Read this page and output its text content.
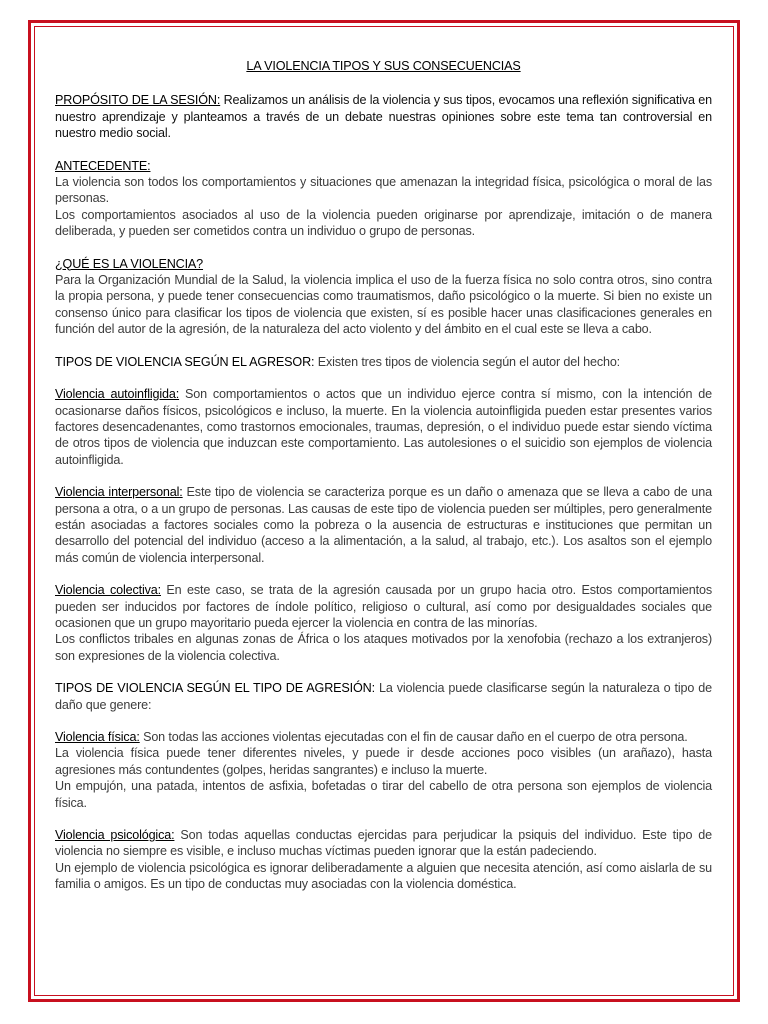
LA VIOLENCIA TIPOS Y SUS CONSECUENCIAS

PROPÓSITO DE LA SESIÓN: Realizamos un análisis de la violencia y sus tipos, evocamos una reflexión significativa en nuestro aprendizaje y planteamos a través de un debate nuestras opiniones sobre este tema tan controversial en nuestro medio social.

ANTECEDENTE:

La violencia son todos los comportamientos y situaciones que amenazan la integridad física, psicológica o moral de las personas.

Los comportamientos asociados al uso de la violencia pueden originarse por aprendizaje, imitación o de manera deliberada, y pueden ser cometidos contra un individuo o grupo de personas.

¿QUÉ ES LA VIOLENCIA?

Para la Organización Mundial de la Salud, la violencia implica el uso de la fuerza física no solo contra otros, sino contra la propia persona, y puede tener consecuencias como traumatismos, daño psicológico o la muerte. Si bien no existe un consenso único para clasificar los tipos de violencia que existen, sí es posible hacer unas clasificaciones generales en función del autor de la agresión, de la naturaleza del acto violento y del ámbito en el cual este se lleva a cabo.

TIPOS DE VIOLENCIA SEGÚN EL AGRESOR: Existen tres tipos de violencia según el autor del hecho:

Violencia autoinfligida: Son comportamientos o actos que un individuo ejerce contra sí mismo, con la intención de ocasionarse daños físicos, psicológicos e incluso, la muerte. En la violencia autoinfligida pueden estar presentes varios factores desencadenantes, como trastornos emocionales, traumas, depresión, o el individuo puede estar siendo víctima de otros tipos de violencia que induzcan este comportamiento. Las autolesiones o el suicidio son ejemplos de violencia autoinfligida.

Violencia interpersonal: Este tipo de violencia se caracteriza porque es un daño o amenaza que se lleva a cabo de una persona a otra, o a un grupo de personas. Las causas de este tipo de violencia pueden ser múltiples, pero generalmente están asociadas a factores sociales como la pobreza o la ausencia de estructuras e instituciones que permitan un desarrollo del potencial del individuo (acceso a la alimentación, a la salud, al trabajo, etc.). Los asaltos son el ejemplo más común de violencia interpersonal.

Violencia colectiva: En este caso, se trata de la agresión causada por un grupo hacia otro. Estos comportamientos pueden ser inducidos por factores de índole político, religioso o cultural, así como por desigualdades sociales que ocasionen que un grupo mayoritario pueda ejercer la violencia en contra de las minorías.

Los conflictos tribales en algunas zonas de África o los ataques motivados por la xenofobia (rechazo a los extranjeros) son expresiones de la violencia colectiva.

TIPOS DE VIOLENCIA SEGÚN EL TIPO DE AGRESIÓN: La violencia puede clasificarse según la naturaleza o tipo de daño que genere:

Violencia física: Son todas las acciones violentas ejecutadas con el fin de causar daño en el cuerpo de otra persona.

La violencia física puede tener diferentes niveles, y puede ir desde acciones poco visibles (un arañazo), hasta agresiones más contundentes (golpes, heridas sangrantes) e incluso la muerte.

Un empujón, una patada, intentos de asfixia, bofetadas o tirar del cabello de otra persona son ejemplos de violencia física.

Violencia psicológica: Son todas aquellas conductas ejercidas para perjudicar la psiquis del individuo. Este tipo de violencia no siempre es visible, e incluso muchas víctimas pueden ignorar que la están padeciendo.

Un ejemplo de violencia psicológica es ignorar deliberadamente a alguien que necesita atención, así como aislarla de su familia o amigos. Es un tipo de conductas muy asociadas con la violencia doméstica.
